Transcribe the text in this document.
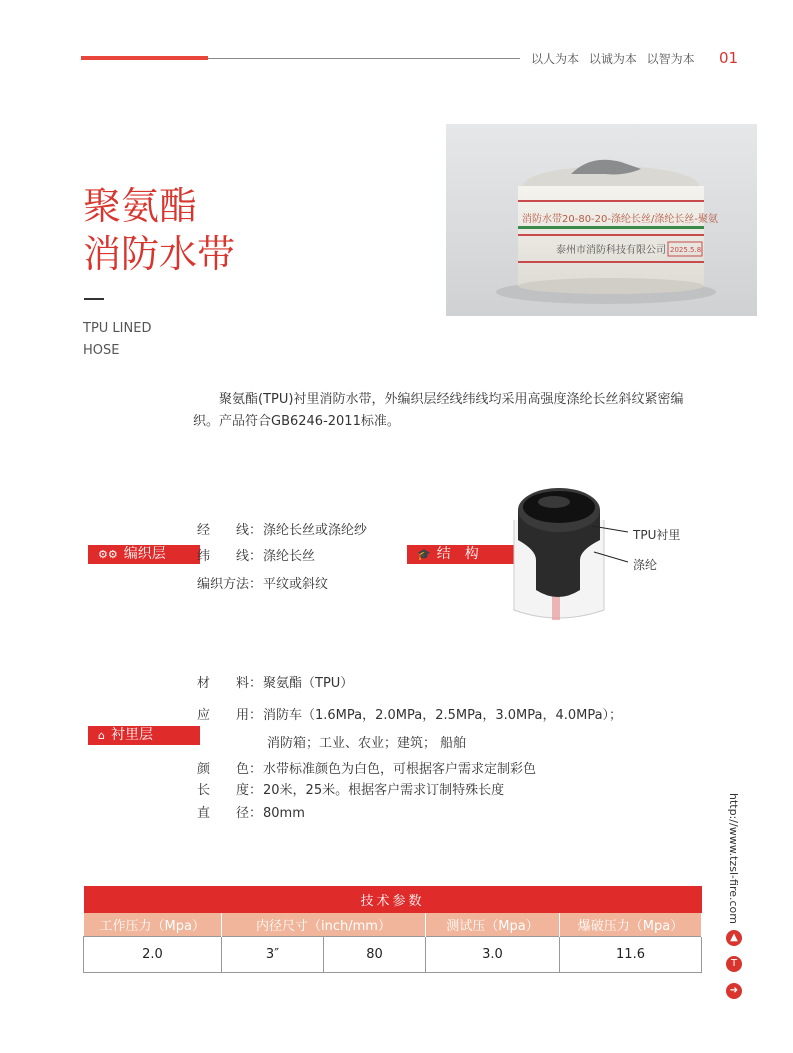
以人为本 以诚为本 以智为本 01
聚氨酯
消防水带
TPU LINED
HOSE
消防水带20-80-20-涤纶长丝/涤纶长丝-聚氨
泰州市消防科技有限公司 2025.5.8
聚氨酯(TPU)衬里消防水带，外编织层经线纬线均采用高强度涤纶长丝斜纹紧密编织。产品符合GB6246-2011标准。
⚙⚙ 编织层
经　　线：涤纶长丝或涤纶纱
纬　　线：涤纶长丝
编织方法：平纹或斜纹
🎓 结　构
TPU衬里
涤纶
⌂ 衬里层
材　　料：聚氨酯（TPU）
应　　用：消防车（1.6MPa，2.0MPa，2.5MPa，3.0MPa，4.0MPa）；
消防箱；工业、农业；建筑； 船舶
颜　　色：水带标准颜色为白色，可根据客户需求定制彩色
长　　度：20米，25米。根据客户需求订制特殊长度
直　　径：80mm	http://www.tzsl-fire.com
▲
T
➜
技术参数				
工作压力（Mpa）	内径尺寸（inch/mm）		测试压（Mpa）	爆破压力（Mpa）
2.0	3″	80	3.0	11.6
